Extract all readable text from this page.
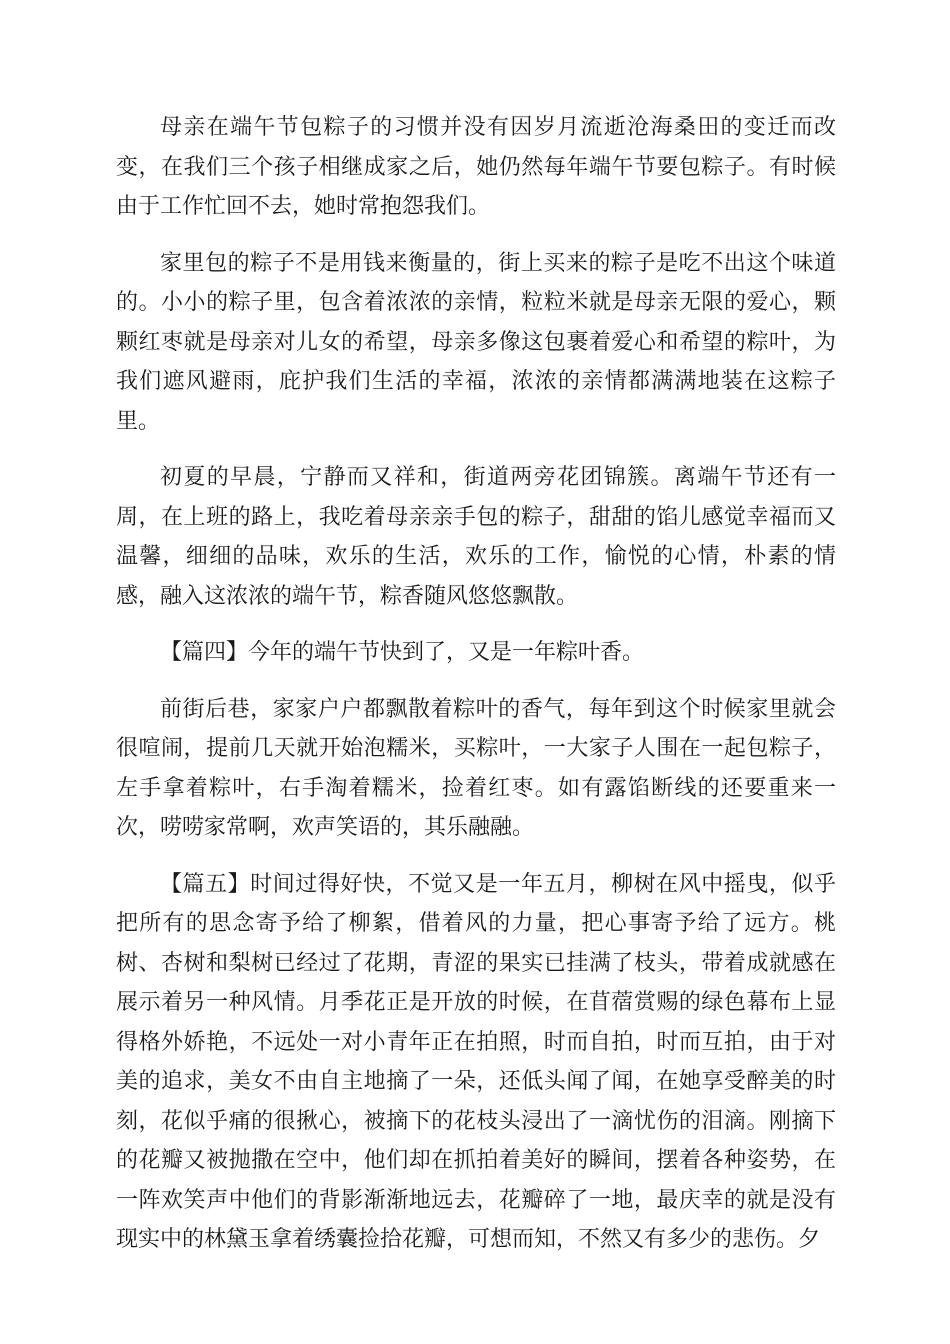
母亲在端午节包粽子的习惯并没有因岁月流逝沧海桑田的变迁而改变，在我们三个孩子相继成家之后，她仍然每年端午节要包粽子。有时候由于工作忙回不去，她时常抱怨我们。

家里包的粽子不是用钱来衡量的，街上买来的粽子是吃不出这个味道的。小小的粽子里，包含着浓浓的亲情，粒粒米就是母亲无限的爱心，颗颗红枣就是母亲对儿女的希望，母亲多像这包裹着爱心和希望的粽叶，为我们遮风避雨，庇护我们生活的幸福，浓浓的亲情都满满地装在这粽子里。

初夏的早晨，宁静而又祥和，街道两旁花团锦簇。离端午节还有一周，在上班的路上，我吃着母亲亲手包的粽子，甜甜的馅儿感觉幸福而又温馨，细细的品味，欢乐的生活，欢乐的工作，愉悦的心情，朴素的情感，融入这浓浓的端午节，粽香随风悠悠飘散。

【篇四】今年的端午节快到了，又是一年粽叶香。

前街后巷，家家户户都飘散着粽叶的香气，每年到这个时候家里就会很喧闹，提前几天就开始泡糯米，买粽叶，一大家子人围在一起包粽子，左手拿着粽叶，右手淘着糯米，捡着红枣。如有露馅断线的还要重来一次，唠唠家常啊，欢声笑语的，其乐融融。

【篇五】时间过得好快，不觉又是一年五月，柳树在风中摇曳，似乎把所有的思念寄予给了柳絮，借着风的力量，把心事寄予给了远方。桃树、杏树和梨树已经过了花期，青涩的果实已挂满了枝头，带着成就感在展示着另一种风情。月季花正是开放的时候，在苜蓿赏赐的绿色幕布上显得格外娇艳，不远处一对小青年正在拍照，时而自拍，时而互拍，由于对美的追求，美女不由自主地摘了一朵，还低头闻了闻，在她享受醉美的时刻，花似乎痛的很揪心，被摘下的花枝头浸出了一滴忧伤的泪滴。刚摘下的花瓣又被抛撒在空中，他们却在抓拍着美好的瞬间，摆着各种姿势，在一阵欢笑声中他们的背影渐渐地远去，花瓣碎了一地，最庆幸的就是没有现实中的林黛玉拿着绣囊捡拾花瓣，可想而知，不然又有多少的悲伤。夕
